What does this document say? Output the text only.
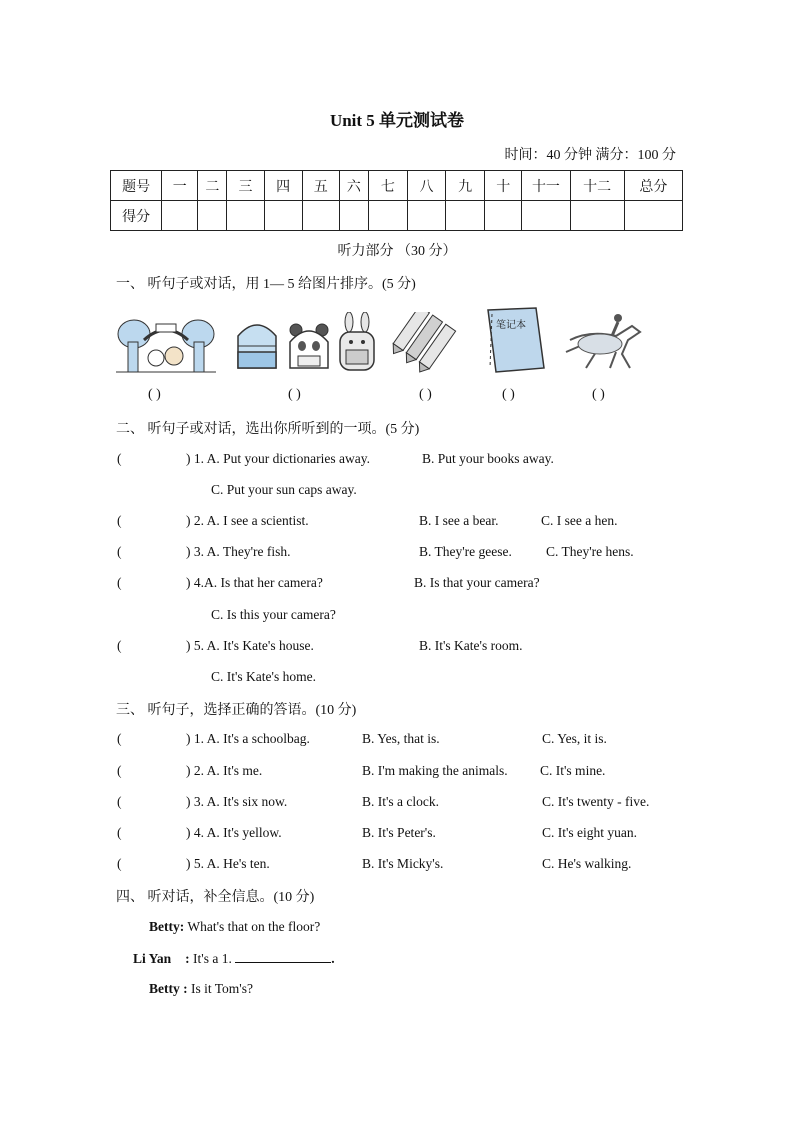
Unit 5 单元测试卷
时间：40 分钟 满分：100 分
题号	一	二	三	四	五	六	七	八	九	十	十一	十二	总分
得分													
听力部分 （30 分）
一、 听句子或对话，用 1— 5 给图片排序。(5 分)
笔记本
( )	( )	( )	( )	( )
二、 听句子或对话，选出你所听到的一项。(5 分)
(	) 1. A. Put your dictionaries away.	B. Put your books away.
C. Put your sun caps away.
(	) 2. A. I see a scientist.	B. I see a bear.	C. I see a hen.
(	) 3. A. They're fish.	B. They're geese.	C. They're hens.
(	) 4.A. Is that her camera?	B. Is that your camera?
C. Is this your camera?
(	) 5. A. It's Kate's house.	B. It's Kate's room.
C. It's Kate's home.
三、 听句子，选择正确的答语。(10 分)
(	) 1. A. It's a schoolbag.	B. Yes, that is.	C. Yes, it is.
(	) 2. A. It's me.	B. I'm making the animals. C. It's mine.
(	) 3. A. It's six now.	B. It's a clock.	C. It's twenty - five.
(	) 4. A. It's yellow.	B. It's Peter's.	C. It's eight yuan.
(	) 5. A. He's ten.	B. It's Micky's.	C. He's walking.
四、 听对话，补全信息。(10 分)
Betty: What's that on the floor?
Li Yan : It's a 1.	.
Betty : Is it Tom's?
